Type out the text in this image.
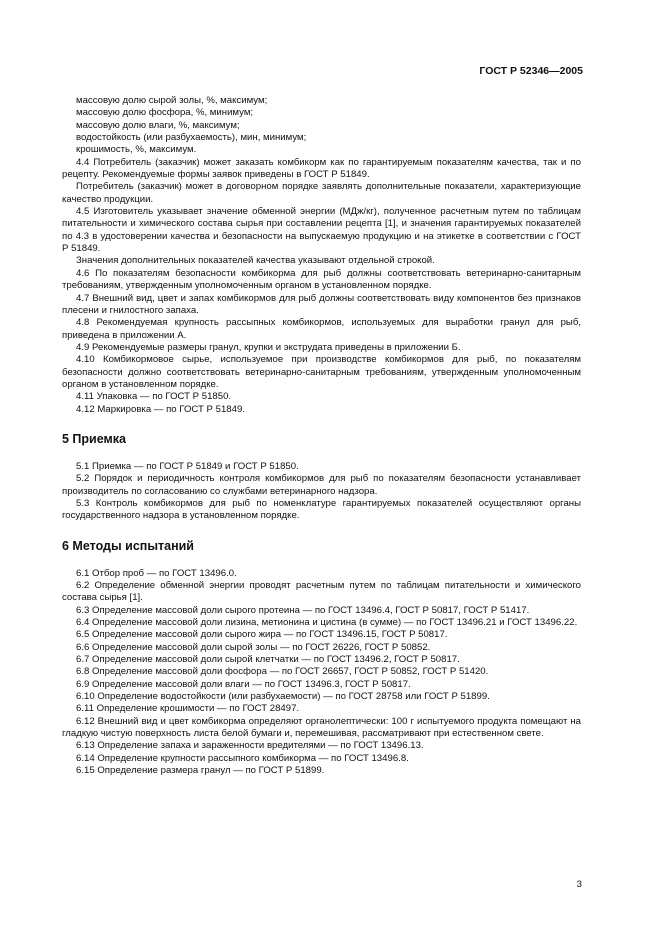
ГОСТ Р 52346—2005

массовую долю сырой золы, %, максимум;

массовую долю фосфора, %, минимум;

массовую долю влаги, %, максимум;

водостойкость (или разбухаемость), мин, минимум;

крошимость, %, максимум.

4.4 Потребитель (заказчик) может заказать комбикорм как по гарантируемым показателям качества, так и по рецепту. Рекомендуемые формы заявок приведены в ГОСТ Р 51849.

Потребитель (заказчик) может в договорном порядке заявлять дополнительные показатели, характеризующие качество продукции.

4.5 Изготовитель указывает значение обменной энергии (МДж/кг), полученное расчетным путем по таблицам питательности и химического состава сырья при составлении рецепта [1], и значения гарантируемых показателей по 4.3 в удостоверении качества и безопасности на выпускаемую продукцию и на этикетке в соответствии с ГОСТ Р 51849.

Значения дополнительных показателей качества указывают отдельной строкой.

4.6 По показателям безопасности комбикорма для рыб должны соответствовать ветеринарно-санитарным требованиям, утвержденным уполномоченным органом в установленном порядке.

4.7 Внешний вид, цвет и запах комбикормов для рыб должны соответствовать виду компонентов без признаков плесени и гнилостного запаха.

4.8 Рекомендуемая крупность рассыпных комбикормов, используемых для выработки гранул для рыб, приведена в приложении А.

4.9 Рекомендуемые размеры гранул, крупки и экструдата приведены в приложении Б.

4.10 Комбикормовое сырье, используемое при производстве комбикормов для рыб, по показателям безопасности должно соответствовать ветеринарно-санитарным требованиям, утвержденным уполномоченным органом в установленном порядке.

4.11 Упаковка — по ГОСТ Р 51850.

4.12 Маркировка — по ГОСТ Р 51849.

5 Приемка

5.1 Приемка — по ГОСТ Р 51849 и ГОСТ Р 51850.

5.2 Порядок и периодичность контроля комбикормов для рыб по показателям безопасности устанавливает производитель по согласованию со службами ветеринарного надзора.

5.3 Контроль комбикормов для рыб по номенклатуре гарантируемых показателей осуществляют органы государственного надзора в установленном порядке.

6 Методы испытаний

6.1 Отбор проб — по ГОСТ 13496.0.

6.2 Определение обменной энергии проводят расчетным путем по таблицам питательности и химического состава сырья [1].

6.3 Определение массовой доли сырого протеина — по ГОСТ 13496.4, ГОСТ Р 50817, ГОСТ Р 51417.

6.4 Определение массовой доли лизина, метионина и цистина (в сумме) — по ГОСТ 13496.21 и ГОСТ 13496.22.

6.5 Определение массовой доли сырого жира — по ГОСТ 13496.15, ГОСТ Р 50817.

6.6 Определение массовой доли сырой золы — по ГОСТ 26226, ГОСТ Р 50852.

6.7 Определение массовой доли сырой клетчатки — по ГОСТ 13496.2, ГОСТ Р 50817.

6.8 Определение массовой доли фосфора — по ГОСТ 26657, ГОСТ Р 50852, ГОСТ Р 51420.

6.9 Определение массовой доли влаги — по ГОСТ 13496.3, ГОСТ Р 50817.

6.10 Определение водостойкости (или разбухаемости) — по ГОСТ 28758 или ГОСТ Р 51899.

6.11 Определение крошимости — по ГОСТ 28497.

6.12 Внешний вид и цвет комбикорма определяют органолептически: 100 г испытуемого продукта помещают на гладкую чистую поверхность листа белой бумаги и, перемешивая, рассматривают при естественном свете.

6.13 Определение запаха и зараженности вредителями — по ГОСТ 13496.13.

6.14 Определение крупности рассыпного комбикорма — по ГОСТ 13496.8.

6.15 Определение размера гранул — по ГОСТ Р 51899.

3
